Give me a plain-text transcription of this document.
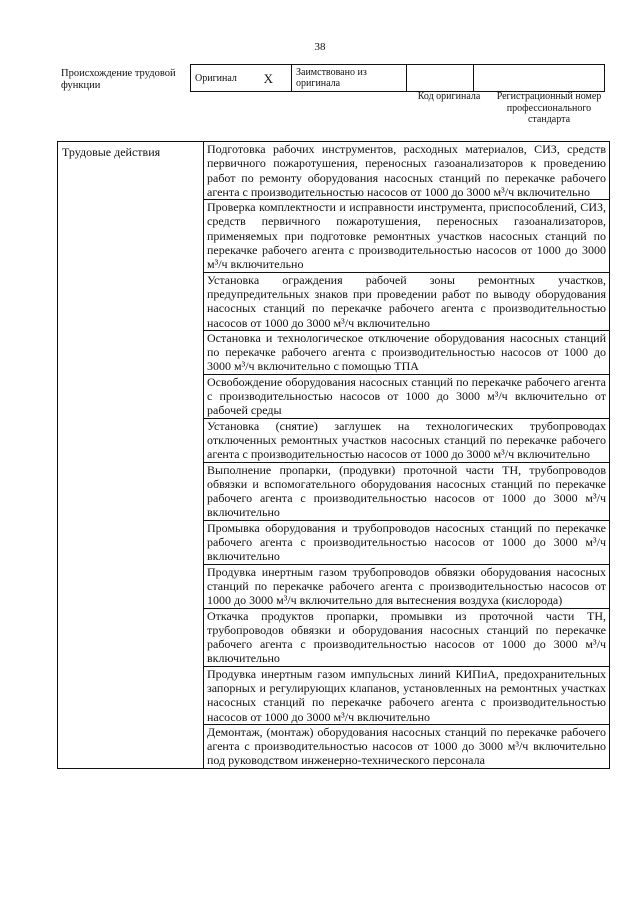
38
Происхождение трудовой функции
Оригинал X	Заимствовано из оригинала		
Код оригинала	Регистрационный номер профессионального стандарта
Трудовые действия	Подготовка рабочих инструментов, расходных материалов, СИЗ, средств первичного пожаротушения, переносных газоанализаторов к проведению работ по ремонту оборудования насосных станций по перекачке рабочего агента с производительностью насосов от 1000 до 3000 м³/ч включительно
Проверка комплектности и исправности инструмента, приспособлений, СИЗ, средств первичного пожаротушения, переносных газоанализаторов, применяемых при подготовке ремонтных участков насосных станций по перекачке рабочего агента с производительностью насосов от 1000 до 3000 м³/ч включительно
Установка ограждения рабочей зоны ремонтных участков, предупредительных знаков при проведении работ по выводу оборудования насосных станций по перекачке рабочего агента с производительностью насосов от 1000 до 3000 м³/ч включительно
Остановка и технологическое отключение оборудования насосных станций по перекачке рабочего агента с производительностью насосов от 1000 до 3000 м³/ч включительно с помощью ТПА
Освобождение оборудования насосных станций по перекачке рабочего агента с производительностью насосов от 1000 до 3000 м³/ч включительно от рабочей среды
Установка (снятие) заглушек на технологических трубопроводах отключенных ремонтных участков насосных станций по перекачке рабочего агента с производительностью насосов от 1000 до 3000 м³/ч включительно
Выполнение пропарки, (продувки) проточной части ТН, трубопроводов обвязки и вспомогательного оборудования насосных станций по перекачке рабочего агента с производительностью насосов от 1000 до 3000 м³/ч включительно
Промывка оборудования и трубопроводов насосных станций по перекачке рабочего агента с производительностью насосов от 1000 до 3000 м³/ч включительно
Продувка инертным газом трубопроводов обвязки оборудования насосных станций по перекачке рабочего агента с производительностью насосов от 1000 до 3000 м³/ч включительно для вытеснения воздуха (кислорода)
Откачка продуктов пропарки, промывки из проточной части ТН, трубопроводов обвязки и оборудования насосных станций по перекачке рабочего агента с производительностью насосов от 1000 до 3000 м³/ч включительно
Продувка инертным газом импульсных линий КИПиА, предохранительных запорных и регулирующих клапанов, установленных на ремонтных участках насосных станций по перекачке рабочего агента с производительностью насосов от 1000 до 3000 м³/ч включительно
Демонтаж, (монтаж) оборудования насосных станций по перекачке рабочего агента с производительностью насосов от 1000 до 3000 м³/ч включительно под руководством инженерно-технического персонала
